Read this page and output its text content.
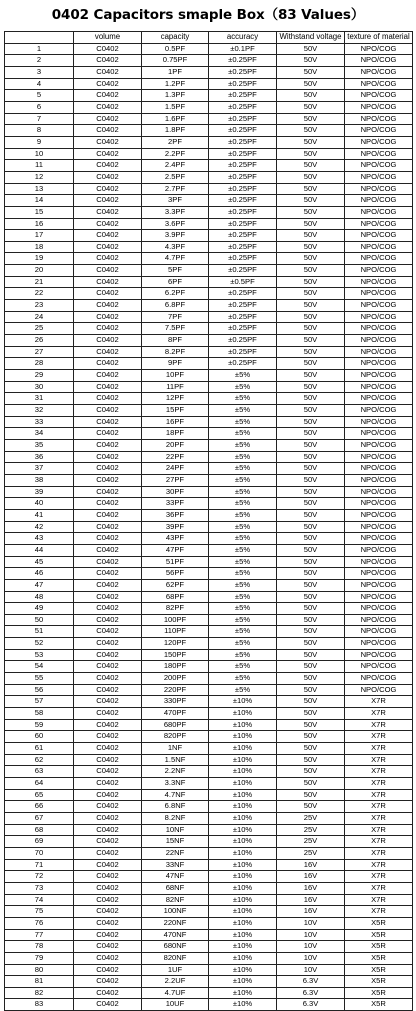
0402 Capacitors smaple Box（83 Values）
	volume	capacity	accuracy	Withstand voltage	texture of material
1	C0402	0.5PF	±0.1PF	50V	NPO/COG
2	C0402	0.75PF	±0.25PF	50V	NPO/COG
3	C0402	1PF	±0.25PF	50V	NPO/COG
4	C0402	1.2PF	±0.25PF	50V	NPO/COG
5	C0402	1.3PF	±0.25PF	50V	NPO/COG
6	C0402	1.5PF	±0.25PF	50V	NPO/COG
7	C0402	1.6PF	±0.25PF	50V	NPO/COG
8	C0402	1.8PF	±0.25PF	50V	NPO/COG
9	C0402	2PF	±0.25PF	50V	NPO/COG
10	C0402	2.2PF	±0.25PF	50V	NPO/COG
11	C0402	2.4PF	±0.25PF	50V	NPO/COG
12	C0402	2.5PF	±0.25PF	50V	NPO/COG
13	C0402	2.7PF	±0.25PF	50V	NPO/COG
14	C0402	3PF	±0.25PF	50V	NPO/COG
15	C0402	3.3PF	±0.25PF	50V	NPO/COG
16	C0402	3.6PF	±0.25PF	50V	NPO/COG
17	C0402	3.9PF	±0.25PF	50V	NPO/COG
18	C0402	4.3PF	±0.25PF	50V	NPO/COG
19	C0402	4.7PF	±0.25PF	50V	NPO/COG
20	C0402	5PF	±0.25PF	50V	NPO/COG
21	C0402	6PF	±0.5PF	50V	NPO/COG
22	C0402	6.2PF	±0.25PF	50V	NPO/COG
23	C0402	6.8PF	±0.25PF	50V	NPO/COG
24	C0402	7PF	±0.25PF	50V	NPO/COG
25	C0402	7.5PF	±0.25PF	50V	NPO/COG
26	C0402	8PF	±0.25PF	50V	NPO/COG
27	C0402	8.2PF	±0.25PF	50V	NPO/COG
28	C0402	9PF	±0.25PF	50V	NPO/COG
29	C0402	10PF	±5%	50V	NPO/COG
30	C0402	11PF	±5%	50V	NPO/COG
31	C0402	12PF	±5%	50V	NPO/COG
32	C0402	15PF	±5%	50V	NPO/COG
33	C0402	16PF	±5%	50V	NPO/COG
34	C0402	18PF	±5%	50V	NPO/COG
35	C0402	20PF	±5%	50V	NPO/COG
36	C0402	22PF	±5%	50V	NPO/COG
37	C0402	24PF	±5%	50V	NPO/COG
38	C0402	27PF	±5%	50V	NPO/COG
39	C0402	30PF	±5%	50V	NPO/COG
40	C0402	33PF	±5%	50V	NPO/COG
41	C0402	36PF	±5%	50V	NPO/COG
42	C0402	39PF	±5%	50V	NPO/COG
43	C0402	43PF	±5%	50V	NPO/COG
44	C0402	47PF	±5%	50V	NPO/COG
45	C0402	51PF	±5%	50V	NPO/COG
46	C0402	56PF	±5%	50V	NPO/COG
47	C0402	62PF	±5%	50V	NPO/COG
48	C0402	68PF	±5%	50V	NPO/COG
49	C0402	82PF	±5%	50V	NPO/COG
50	C0402	100PF	±5%	50V	NPO/COG
51	C0402	110PF	±5%	50V	NPO/COG
52	C0402	120PF	±5%	50V	NPO/COG
53	C0402	150PF	±5%	50V	NPO/COG
54	C0402	180PF	±5%	50V	NPO/COG
55	C0402	200PF	±5%	50V	NPO/COG
56	C0402	220PF	±5%	50V	NPO/COG
57	C0402	330PF	±10%	50V	X7R
58	C0402	470PF	±10%	50V	X7R
59	C0402	680PF	±10%	50V	X7R
60	C0402	820PF	±10%	50V	X7R
61	C0402	1NF	±10%	50V	X7R
62	C0402	1.5NF	±10%	50V	X7R
63	C0402	2.2NF	±10%	50V	X7R
64	C0402	3.3NF	±10%	50V	X7R
65	C0402	4.7NF	±10%	50V	X7R
66	C0402	6.8NF	±10%	50V	X7R
67	C0402	8.2NF	±10%	25V	X7R
68	C0402	10NF	±10%	25V	X7R
69	C0402	15NF	±10%	25V	X7R
70	C0402	22NF	±10%	25V	X7R
71	C0402	33NF	±10%	16V	X7R
72	C0402	47NF	±10%	16V	X7R
73	C0402	68NF	±10%	16V	X7R
74	C0402	82NF	±10%	16V	X7R
75	C0402	100NF	±10%	16V	X7R
76	C0402	220NF	±10%	10V	X5R
77	C0402	470NF	±10%	10V	X5R
78	C0402	680NF	±10%	10V	X5R
79	C0402	820NF	±10%	10V	X5R
80	C0402	1UF	±10%	10V	X5R
81	C0402	2.2UF	±10%	6.3V	X5R
82	C0402	4.7UF	±10%	6.3V	X5R
83	C0402	10UF	±10%	6.3V	X5R
